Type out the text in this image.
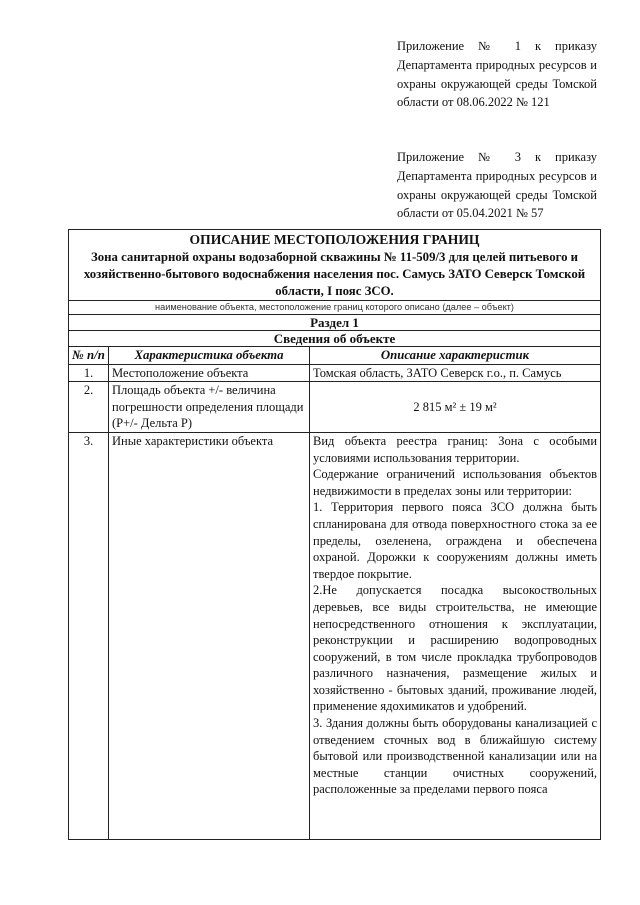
Приложение № 1 к приказу Департамента природных ресурсов и охраны окружающей среды Томской области от 08.06.2022 № 121
Приложение № 3 к приказу Департамента природных ресурсов и охраны окружающей среды Томской области от 05.04.2021 № 57
ОПИСАНИЕ МЕСТОПОЛОЖЕНИЯ ГРАНИЦ
Зона санитарной охраны водозаборной скважины № 11-509/3 для целей питьевого и хозяйственно-бытового водоснабжения населения пос. Самусь ЗАТО Северск Томской области, I пояс ЗСО.		

наименование объекта, местоположение границ которого описано (далее – объект)		
Раздел 1		
Сведения об объекте		
№ п/п	Характеристика объекта	Описание характеристик
1.	Местоположение объекта	Томская область, ЗАТО Северск г.о., п. Самусь
2.	Площадь объекта +/- величина погрешности определения площади (Р+/- Дельта Р)	2 815 м² ± 19 м²
3.	Иные характеристики объекта	Вид объекта реестра границ: Зона с особыми условиями использования территории.

Содержание ограничений использования объектов недвижимости в пределах зоны или территории:

1. Территория первого пояса ЗСО должна быть спланирована для отвода поверхностного стока за ее пределы, озеленена, ограждена и обеспечена охраной. Дорожки к сооружениям должны иметь твердое покрытие.

2.Не допускается посадка высокоствольных деревьев, все виды строительства, не имеющие непосредственного отношения к эксплуатации, реконструкции и расширению водопроводных сооружений, в том числе прокладка трубопроводов различного назначения, размещение жилых и хозяйственно - бытовых зданий, проживание людей, применение ядохимикатов и удобрений.

3. Здания должны быть оборудованы канализацией с отведением сточных вод в ближайшую систему бытовой или производственной канализации или на местные станции очистных сооружений, расположенные за пределами первого пояса
